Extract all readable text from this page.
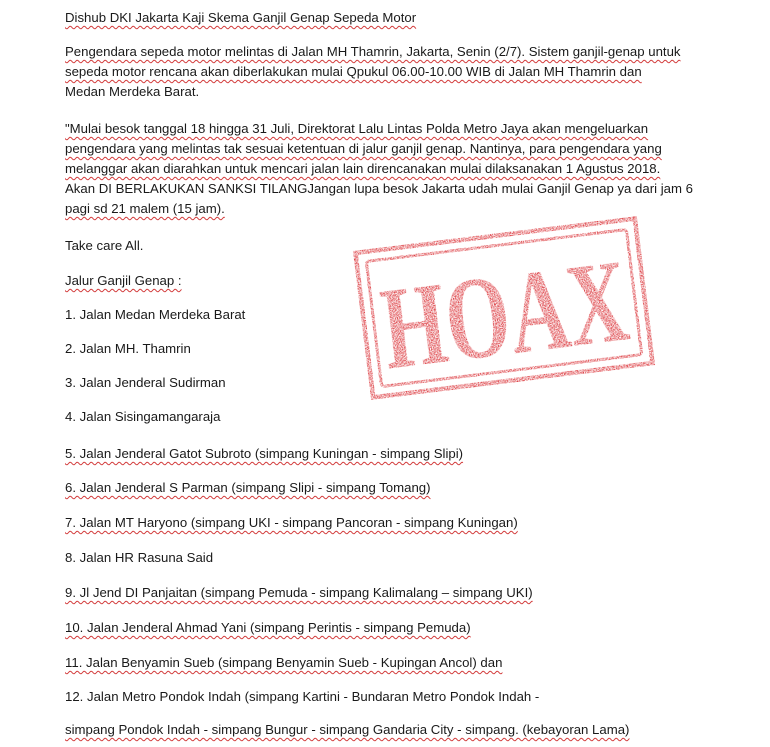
Dishub DKI Jakarta Kaji Skema Ganjil Genap Sepeda Motor
Pengendara sepeda motor melintas di Jalan MH Thamrin, Jakarta, Senin (2/7). Sistem ganjil-genap untuk
sepeda motor rencana akan diberlakukan mulai Qpukul 06.00-10.00 WIB di Jalan MH Thamrin dan
Medan Merdeka Barat.
"Mulai besok tanggal 18 hingga 31 Juli, Direktorat Lalu Lintas Polda Metro Jaya akan mengeluarkan
pengendara yang melintas tak sesuai ketentuan di jalur ganjil genap. Nantinya, para pengendara yang
melanggar akan diarahkan untuk mencari jalan lain direncanakan mulai dilaksanakan 1 Agustus 2018.
Akan DI BERLAKUKAN SANKSI TILANGJangan lupa besok Jakarta udah mulai Ganjil Genap ya dari jam 6
pagi sd 21 malem (15 jam).
Take care All.
Jalur Ganjil Genap :
1. Jalan Medan Merdeka Barat
2. Jalan MH. Thamrin
3. Jalan Jenderal Sudirman
4. Jalan Sisingamangaraja
5. Jalan Jenderal Gatot Subroto (simpang Kuningan - simpang Slipi)
6. Jalan Jenderal S Parman (simpang Slipi - simpang Tomang)
7. Jalan MT Haryono (simpang UKI - simpang Pancoran - simpang Kuningan)
8. Jalan HR Rasuna Said
9. Jl Jend DI Panjaitan (simpang Pemuda - simpang Kalimalang – simpang UKI)
10. Jalan Jenderal Ahmad Yani (simpang Perintis - simpang Pemuda)
11. Jalan Benyamin Sueb (simpang Benyamin Sueb - Kupingan Ancol) dan
12. Jalan Metro Pondok Indah (simpang Kartini - Bundaran Metro Pondok Indah -
simpang Pondok Indah - simpang Bungur - simpang Gandaria City - simpang. (kebayoran Lama)
HOAX
